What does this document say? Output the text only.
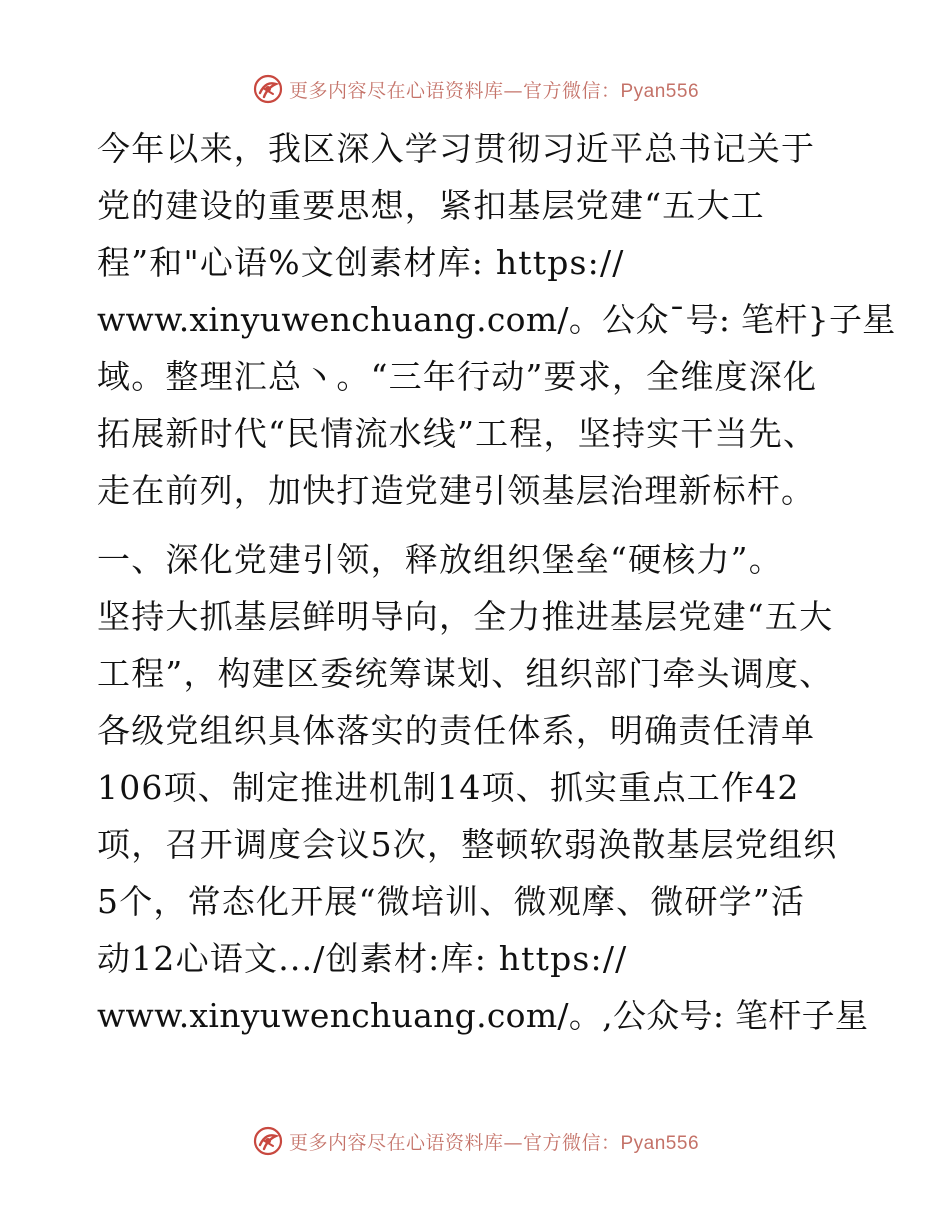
更多内容尽在心语资料库—官方微信：Pyan556
今年以来，我区深入学习贯彻习近平总书记关于
党的建设的重要思想，紧扣基层党建“五大工
程”和"心语%文创素材库: https://
www.xinyuwenchuang.com/。公众¯号: 笔杆}子星
域。整理汇总丶。“三年行动”要求，全维度深化
拓展新时代“民情流水线”工程，坚持实干当先、
走在前列，加快打造党建引领基层治理新标杆。
一、深化党建引领，释放组织堡垒“硬核力”。
坚持大抓基层鲜明导向，全力推进基层党建“五大
工程”，构建区委统筹谋划、组织部门牵头调度、
各级党组织具体落实的责任体系，明确责任清单
106项、制定推进机制14项、抓实重点工作42
项，召开调度会议5次，整顿软弱涣散基层党组织
5个，常态化开展“微培训、微观摩、微研学”活
动12心语文.../创素材:库: https://
www.xinyuwenchuang.com/。,公众号: 笔杆子星
更多内容尽在心语资料库—官方微信：Pyan556
